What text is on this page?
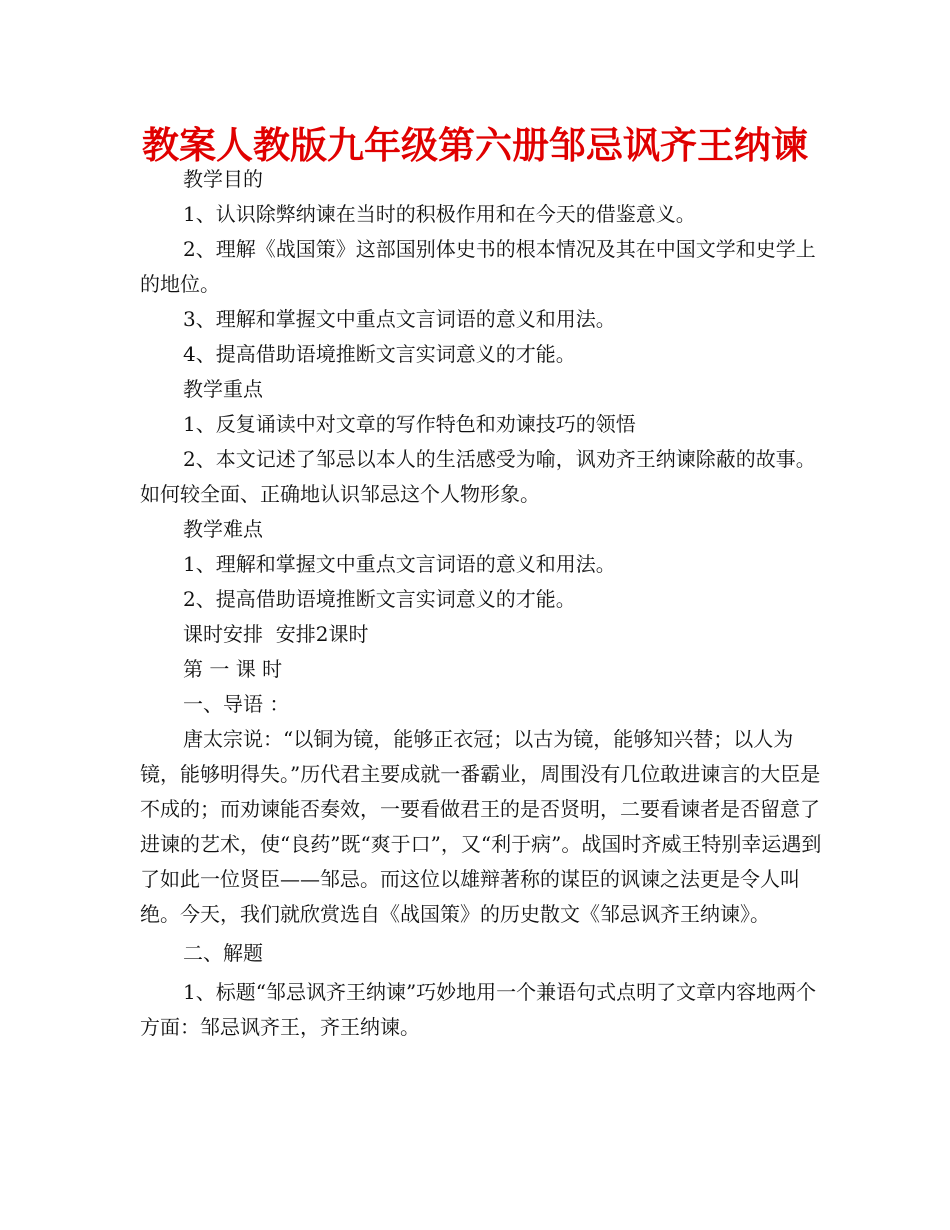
教案人教版九年级第六册邹忌讽齐王纳谏

教学目的

1、认识除弊纳谏在当时的积极作用和在今天的借鉴意义。

2、理解《战国策》这部国别体史书的根本情况及其在中国文学和史学上的地位。

3、理解和掌握文中重点文言词语的意义和用法。

4、提高借助语境推断文言实词意义的才能。

教学重点

1、反复诵读中对文章的写作特色和劝谏技巧的领悟

2、本文记述了邹忌以本人的生活感受为喻，讽劝齐王纳谏除蔽的故事。如何较全面、正确地认识邹忌这个人物形象。

教学难点

1、理解和掌握文中重点文言词语的意义和用法。

2、提高借助语境推断文言实词意义的才能。

课时安排  安排2课时

第 一 课 时

一、导语 ：

唐太宗说：“以铜为镜，能够正衣冠；以古为镜，能够知兴替；以人为镜，能够明得失。”历代君主要成就一番霸业，周围没有几位敢进谏言的大臣是不成的；而劝谏能否奏效，一要看做君王的是否贤明，二要看谏者是否留意了进谏的艺术，使“良药”既“爽于口”，又“利于病”。战国时齐威王特别幸运遇到了如此一位贤臣——邹忌。而这位以雄辩著称的谋臣的讽谏之法更是令人叫绝。今天，我们就欣赏选自《战国策》的历史散文《邹忌讽齐王纳谏》。

二、解题

1、标题“邹忌讽齐王纳谏”巧妙地用一个兼语句式点明了文章内容地两个方面：邹忌讽齐王，齐王纳谏。
